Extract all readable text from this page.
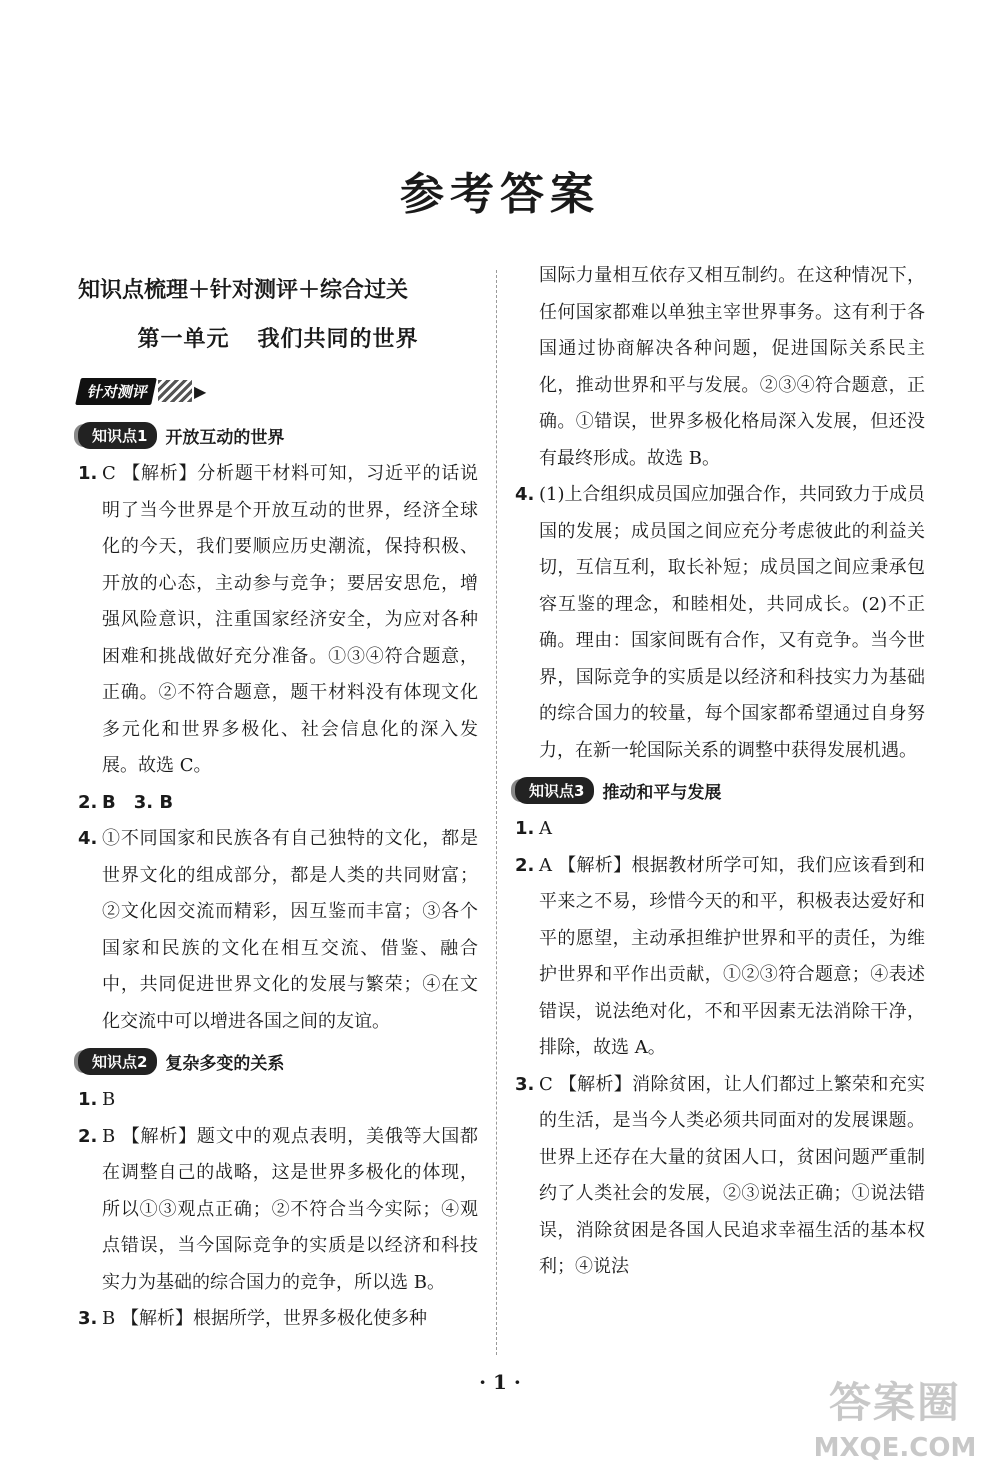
参考答案
知识点梳理＋针对测评＋综合过关
第一单元 我们共同的世界
针对测评	▶
知识点1	开放互动的世界
1. C 【解析】分析题干材料可知，习近平的话说明了当今世界是个开放互动的世界，经济全球化的今天，我们要顺应历史潮流，保持积极、开放的心态，主动参与竞争；要居安思危，增强风险意识，注重国家经济安全，为应对各种困难和挑战做好充分准备。①③④符合题意，正确。②不符合题意，题干材料没有体现文化多元化和世界多极化、社会信息化的深入发展。故选 C。
2. B　3. B
4. ①不同国家和民族各有自己独特的文化，都是世界文化的组成部分，都是人类的共同财富；②文化因交流而精彩，因互鉴而丰富；③各个国家和民族的文化在相互交流、借鉴、融合中，共同促进世界文化的发展与繁荣；④在文化交流中可以增进各国之间的友谊。
知识点2	复杂多变的关系
1. B
2. B 【解析】题文中的观点表明，美俄等大国都在调整自己的战略，这是世界多极化的体现，所以①③观点正确；②不符合当今实际；④观点错误，当今国际竞争的实质是以经济和科技实力为基础的综合国力的竞争，所以选 B。
3. B 【解析】根据所学，世界多极化使多种
国际力量相互依存又相互制约。在这种情况下，任何国家都难以单独主宰世界事务。这有利于各国通过协商解决各种问题，促进国际关系民主化，推动世界和平与发展。②③④符合题意，正确。①错误，世界多极化格局深入发展，但还没有最终形成。故选 B。
4. (1)上合组织成员国应加强合作，共同致力于成员国的发展；成员国之间应充分考虑彼此的利益关切，互信互利，取长补短；成员国之间应秉承包容互鉴的理念，和睦相处，共同成长。(2)不正确。理由：国家间既有合作，又有竞争。当今世界，国际竞争的实质是以经济和科技实力为基础的综合国力的较量，每个国家都希望通过自身努力，在新一轮国际关系的调整中获得发展机遇。
知识点3	推动和平与发展
1. A
2. A 【解析】根据教材所学可知，我们应该看到和平来之不易，珍惜今天的和平，积极表达爱好和平的愿望，主动承担维护世界和平的责任，为维护世界和平作出贡献，①②③符合题意；④表述错误，说法绝对化，不和平因素无法消除干净，排除，故选 A。
3. C 【解析】消除贫困，让人们都过上繁荣和充实的生活，是当今人类必须共同面对的发展课题。世界上还存在大量的贫困人口，贫困问题严重制约了人类社会的发展，②③说法正确；①说法错误，消除贫困是各国人民追求幸福生活的基本权利；④说法
· 1 ·	答案圈
MXQE.COM
